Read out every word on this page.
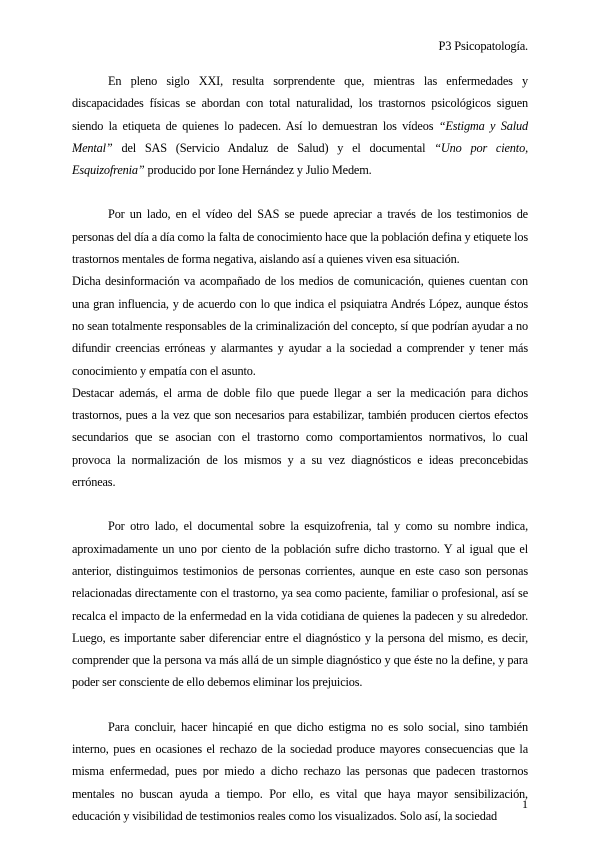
P3 Psicopatología.

En pleno siglo XXI, resulta sorprendente que, mientras las enfermedades y discapacidades físicas se abordan con total naturalidad, los trastornos psicológicos siguen siendo la etiqueta de quienes lo padecen. Así lo demuestran los vídeos “Estigma y Salud Mental” del SAS (Servicio Andaluz de Salud) y el documental “Uno por ciento, Esquizofrenia” producido por Ione Hernández y Julio Medem.

Por un lado, en el vídeo del SAS se puede apreciar a través de los testimonios de personas del día a día como la falta de conocimiento hace que la población defina y etiquete los trastornos mentales de forma negativa, aislando así a quienes viven esa situación.

Dicha desinformación va acompañado de los medios de comunicación, quienes cuentan con una gran influencia, y de acuerdo con lo que indica el psiquiatra Andrés López, aunque éstos no sean totalmente responsables de la criminalización del concepto, sí que podrían ayudar a no difundir creencias erróneas y alarmantes y ayudar a la sociedad a comprender y tener más conocimiento y empatía con el asunto.

Destacar además, el arma de doble filo que puede llegar a ser la medicación para dichos trastornos, pues a la vez que son necesarios para estabilizar, también producen ciertos efectos secundarios que se asocian con el trastorno como comportamientos normativos, lo cual provoca la normalización de los mismos y a su vez diagnósticos e ideas preconcebidas erróneas.

Por otro lado, el documental sobre la esquizofrenia, tal y como su nombre indica, aproximadamente un uno por ciento de la población sufre dicho trastorno. Y al igual que el anterior, distinguimos testimonios de personas corrientes, aunque en este caso son personas relacionadas directamente con el trastorno, ya sea como paciente, familiar o profesional, así se recalca el impacto de la enfermedad en la vida cotidiana de quienes la padecen y su alrededor. Luego, es importante saber diferenciar entre el diagnóstico y la persona del mismo, es decir, comprender que la persona va más allá de un simple diagnóstico y que éste no la define, y para poder ser consciente de ello debemos eliminar los prejuicios.

Para concluir, hacer hincapié en que dicho estigma no es solo social, sino también interno, pues en ocasiones el rechazo de la sociedad produce mayores consecuencias que la misma enfermedad, pues por miedo a dicho rechazo las personas que padecen trastornos mentales no buscan ayuda a tiempo. Por ello, es vital que haya mayor sensibilización, educación y visibilidad de testimonios reales como los visualizados. Solo así, la sociedad

1
